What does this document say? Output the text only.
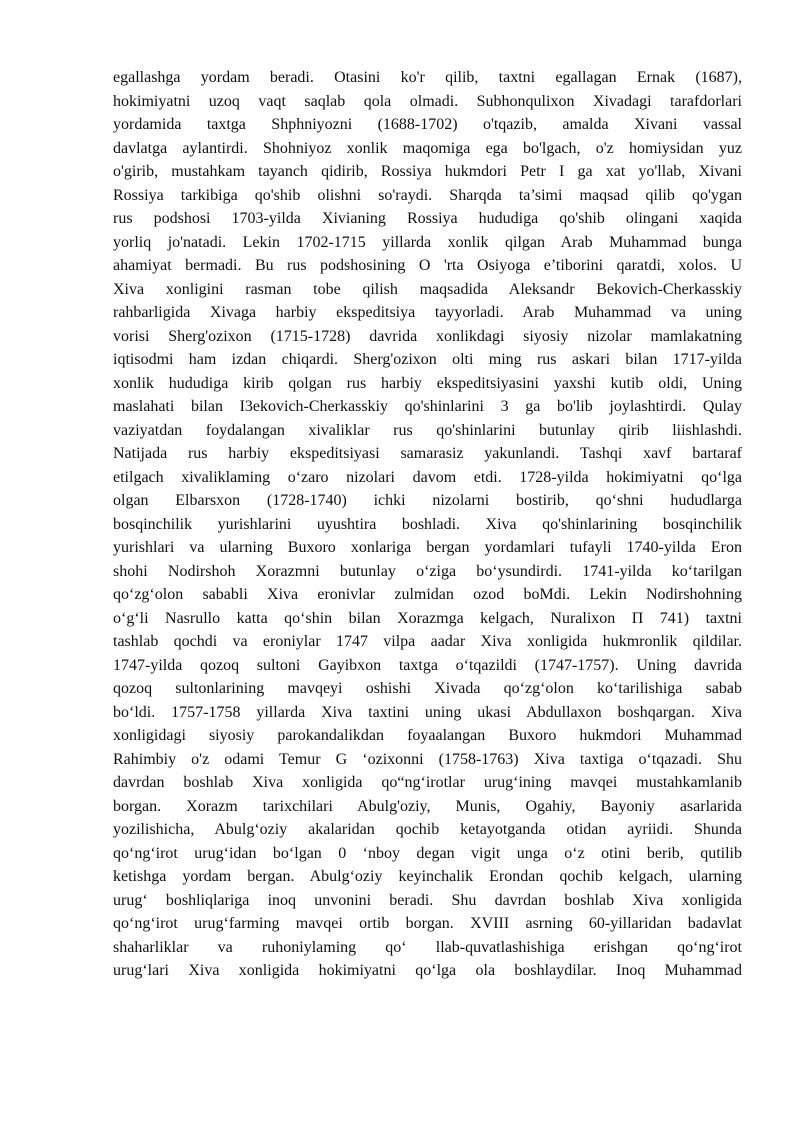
egallashga yordam beradi. Otasini ko'r qilib, taxtni egallagan Ernak (1687),
hokimiyatni uzoq vaqt saqlab qola olmadi. Subhonqulixon Xivadagi tarafdorlari
yordamida taxtga Shphniyozni (1688-1702) o'tqazib, amalda Xivani vassal
davlatga aylantirdi. Shohniyoz xonlik maqomiga ega bo'lgach, o'z homiysidan yuz
o'girib, mustahkam tayanch qidirib, Rossiya hukmdori Petr I ga xat yo'llab, Xivani
Rossiya tarkibiga qo'shib olishni so'raydi. Sharqda ta’simi maqsad qilib qo'ygan
rus podshosi 1703-yilda Xivianing Rossiya hududiga qo'shib olingani xaqida
yorliq jo'natadi. Lekin 1702-1715 yillarda xonlik qilgan Arab Muhammad bunga
ahamiyat bermadi. Bu rus podshosining O 'rta Osiyoga e’tiborini qaratdi, xolos. U
Xiva xonligini rasman tobe qilish maqsadida Aleksandr Bekovich-Cherkasskiy
rahbarligida Xivaga harbiy ekspeditsiya tayyorladi. Arab Muhammad va uning
vorisi Sherg'ozixon (1715-1728) davrida xonlikdagi siyosiy nizolar mamlakatning
iqtisodmi ham izdan chiqardi. Sherg'ozixon olti ming rus askari bilan 1717-yilda
xonlik hududiga kirib qolgan rus harbiy ekspeditsiyasini yaxshi kutib oldi, Uning
maslahati bilan I3ekovich-Cherkasskiy qo'shinlarini 3 ga bo'lib joylashtirdi. Qulay
vaziyatdan foydalangan xivaliklar rus qo'shinlarini butunlay qirib liishlashdi.
Natijada rus harbiy ekspeditsiyasi samarasiz yakunlandi. Tashqi xavf bartaraf
etilgach xivaliklaming o‘zaro nizolari davom etdi. 1728-yilda hokimiyatni qo‘lga
olgan Elbarsxon (1728-1740) ichki nizolarni bostirib, qo‘shni hududlarga
bosqinchilik yurishlarini uyushtira boshladi. Xiva qo'shinlarining bosqinchilik
yurishlari va ularning Buxoro xonlariga bergan yordamlari tufayli 1740-yilda Eron
shohi Nodirshoh Xorazmni butunlay o‘ziga bo‘ysundirdi. 1741-yilda ko‘tarilgan
qo‘zg‘olon sababli Xiva eronivlar zulmidan ozod boMdi. Lekin Nodirshohning
o‘g‘li Nasrullo katta qo‘shin bilan Xorazmga kelgach, Nuralixon Π 741) taxtni
tashlab qochdi va eroniylar 1747 vilpa aadar Xiva xonligida hukmronlik qildilar.
1747-yilda qozoq sultoni Gayibxon taxtga o‘tqazildi (1747-1757). Uning davrida
qozoq sultonlarining mavqeyi oshishi Xivada qo‘zg‘olon ko‘tarilishiga sabab
bo‘ldi. 1757-1758 yillarda Xiva taxtini uning ukasi Abdullaxon boshqargan. Xiva
xonligidagi siyosiy parokandalikdan foyaalangan Buxoro hukmdori Muhammad
Rahimbiy o'z odami Temur G ‘ozixonni (1758-1763) Xiva taxtiga o‘tqazadi. Shu
davrdan boshlab Xiva xonligida qo“ng‘irotlar urug‘ining mavqei mustahkamlanib
borgan. Xorazm tarixchilari Abulg'oziy, Munis, Ogahiy, Bayoniy asarlarida
yozilishicha, Abulg‘oziy akalaridan qochib ketayotganda otidan ayriidi. Shunda
qo‘ng‘irot urug‘idan bo‘lgan 0 ‘nboy degan vigit unga o‘z otini berib, qutilib
ketishga yordam bergan. Abulg‘oziy keyinchalik Erondan qochib kelgach, ularning
urug‘ boshliqlariga inoq unvonini beradi. Shu davrdan boshlab Xiva xonligida
qo‘ng‘irot urug‘farming mavqei ortib borgan. XVIII asrning 60-yillaridan badavlat
shaharliklar va ruhoniylaming qo‘ llab-quvatlashishiga erishgan qo‘ng‘irot
urug‘lari Xiva xonligida hokimiyatni qo‘lga ola boshlaydilar. Inoq Muhammad
